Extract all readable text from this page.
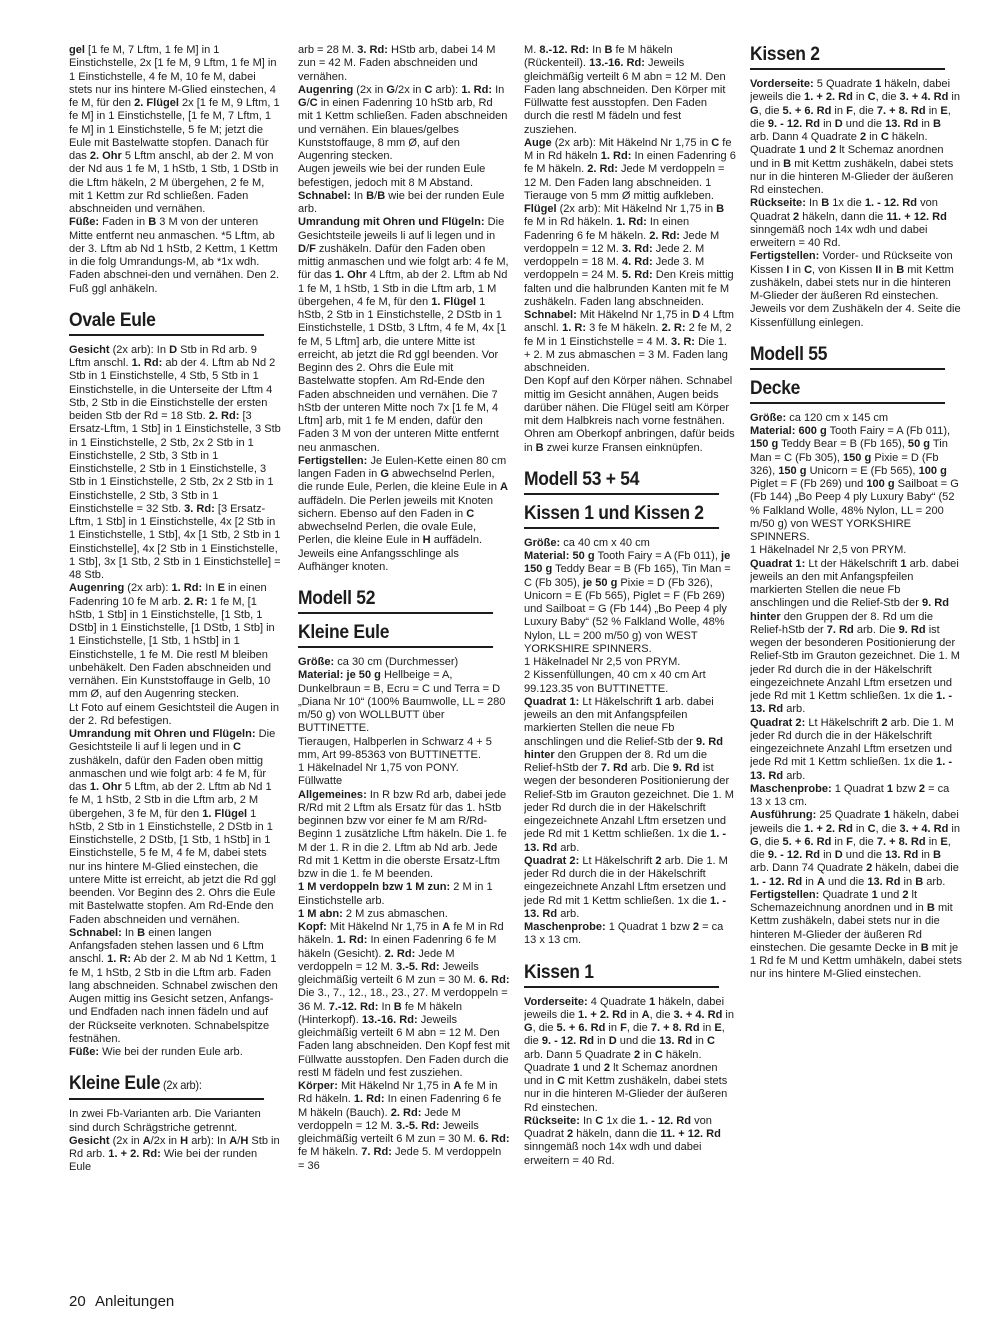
gel [1 fe M, 7 Lftm, 1 fe M] in 1 Einstichstelle, 2x [1 fe M, 9 Lftm, 1 fe M] in 1 Einstichstelle, 4 fe M, 10 fe M, dabei stets nur ins hintere M-Glied einstechen, 4 fe M, für den 2. Flügel 2x [1 fe M, 9 Lftm, 1 fe M] in 1 Einstichstelle, [1 fe M, 7 Lftm, 1 fe M] in 1 Einstichstelle, 5 fe M; jetzt die Eule mit Bastelwatte stopfen. Danach für das 2. Ohr 5 Lftm anschl, ab der 2. M von der Nd aus 1 fe M, 1 hStb, 1 Stb, 1 DStb in die Lftm häkeln, 2 M übergehen, 2 fe M, mit 1 Kettm zur Rd schließen. Faden abschneiden und vernähen.

Füße: Faden in B 3 M von der unteren Mitte entfernt neu anmaschen. *5 Lftm, ab der 3. Lftm ab Nd 1 hStb, 2 Kettm, 1 Kettm in die folg Umrandungs-M, ab *1x wdh. Faden abschnei-den und vernähen. Den 2. Fuß ggl anhäkeln.

Ovale Eule

Gesicht (2x arb): In D Stb in Rd arb. 9 Lftm anschl. 1. Rd: ab der 4. Lftm ab Nd 2 Stb in 1 Einstichstelle, 4 Stb, 5 Stb in 1 Einstichstelle, in die Unterseite der Lftm 4 Stb, 2 Stb in die Einstichstelle der ersten beiden Stb der Rd = 18 Stb. 2. Rd: [3 Ersatz-Lftm, 1 Stb] in 1 Einstichstelle, 3 Stb in 1 Einstichstelle, 2 Stb, 2x 2 Stb in 1 Einstichstelle, 2 Stb, 3 Stb in 1 Einstichstelle, 2 Stb in 1 Einstichstelle, 3 Stb in 1 Einstichstelle, 2 Stb, 2x 2 Stb in 1 Einstichstelle, 2 Stb, 3 Stb in 1 Einstichstelle = 32 Stb. 3. Rd: [3 Ersatz-Lftm, 1 Stb] in 1 Einstichstelle, 4x [2 Stb in 1 Einstichstelle, 1 Stb], 4x [1 Stb, 2 Stb in 1 Einstichstelle], 4x [2 Stb in 1 Einstichstelle, 1 Stb], 3x [1 Stb, 2 Stb in 1 Einstichstelle] = 48 Stb.

Augenring (2x arb): 1. Rd: In E in einen Fadenring 10 fe M arb. 2. R: 1 fe M, [1 hStb, 1 Stb] in 1 Einstichstelle, [1 Stb, 1 DStb] in 1 Einstichstelle, [1 DStb, 1 Stb] in 1 Einstichstelle, [1 Stb, 1 hStb] in 1 Einstichstelle, 1 fe M. Die restl M bleiben unbehäkelt. Den Faden abschneiden und vernähen. Ein Kunststoffauge in Gelb, 10 mm Ø, auf den Augenring stecken.

Lt Foto auf einem Gesichtsteil die Augen in der 2. Rd befestigen.

Umrandung mit Ohren und Flügeln: Die Gesichtsteile li auf li legen und in C zushäkeln, dafür den Faden oben mittig anmaschen und wie folgt arb: 4 fe M, für das 1. Ohr 5 Lftm, ab der 2. Lftm ab Nd 1 fe M, 1 hStb, 2 Stb in die Lftm arb, 2 M übergehen, 3 fe M, für den 1. Flügel 1 hStb, 2 Stb in 1 Einstichstelle, 2 DStb in 1 Einstichstelle, 2 DStb, [1 Stb, 1 hStb] in 1 Einstichstelle, 5 fe M, 4 fe M, dabei stets nur ins hintere M-Glied einstechen, die untere Mitte ist erreicht, ab jetzt die Rd ggl beenden. Vor Beginn des 2. Ohrs die Eule mit Bastelwatte stopfen. Am Rd-Ende den Faden abschneiden und vernähen.

Schnabel: In B einen langen Anfangsfaden stehen lassen und 6 Lftm anschl. 1. R: Ab der 2. M ab Nd 1 Kettm, 1 fe M, 1 hStb, 2 Stb in die Lftm arb. Faden lang abschneiden. Schnabel zwischen den Augen mittig ins Gesicht setzen, Anfangs- und Endfaden nach innen fädeln und auf der Rückseite verknoten. Schnabelspitze festnähen.

Füße: Wie bei der runden Eule arb.

Kleine Eule (2x arb):

In zwei Fb-Varianten arb. Die Varianten sind durch Schrägstriche getrennt.

Gesicht (2x in A/2x in H arb): In A/H Stb in Rd arb. 1. + 2. Rd: Wie bei der runden Eule

arb = 28 M. 3. Rd: HStb arb, dabei 14 M zun = 42 M. Faden abschneiden und vernähen.

Augenring (2x in G/2x in C arb): 1. Rd: In G/C in einen Fadenring 10 hStb arb, Rd mit 1 Kettm schließen. Faden abschneiden und vernähen. Ein blaues/gelbes Kunststoffauge, 8 mm Ø, auf den Augenring stecken.

Augen jeweils wie bei der runden Eule befestigen, jedoch mit 8 M Abstand.

Schnabel: In B/B wie bei der runden Eule arb.

Umrandung mit Ohren und Flügeln: Die Gesichtsteile jeweils li auf li legen und in D/F zushäkeln. Dafür den Faden oben mittig anmaschen und wie folgt arb: 4 fe M, für das 1. Ohr 4 Lftm, ab der 2. Lftm ab Nd 1 fe M, 1 hStb, 1 Stb in die Lftm arb, 1 M übergehen, 4 fe M, für den 1. Flügel 1 hStb, 2 Stb in 1 Einstichstelle, 2 DStb in 1 Einstichstelle, 1 DStb, 3 Lftm, 4 fe M, 4x [1 fe M, 5 Lftm] arb, die untere Mitte ist erreicht, ab jetzt die Rd ggl beenden. Vor Beginn des 2. Ohrs die Eule mit Bastelwatte stopfen. Am Rd-Ende den Faden abschneiden und vernähen. Die 7 hStb der unteren Mitte noch 7x [1 fe M, 4 Lftm] arb, mit 1 fe M enden, dafür den Faden 3 M von der unteren Mitte entfernt neu anmaschen.

Fertigstellen: Je Eulen-Kette einen 80 cm langen Faden in G abwechselnd Perlen, die runde Eule, Perlen, die kleine Eule in A auffädeln. Die Perlen jeweils mit Knoten sichern. Ebenso auf den Faden in C abwechselnd Perlen, die ovale Eule, Perlen, die kleine Eule in H auffädeln. Jeweils eine Anfangsschlinge als Aufhänger knoten.

Modell 52
Kleine Eule

Größe: ca 30 cm (Durchmesser)

Material: je 50 g Hellbeige = A, Dunkelbraun = B, Ecru = C und Terra = D „Diana Nr 10“ (100% Baumwolle, LL = 280 m/50 g) von WOLLBUTT über BUTTINETTE.

Tieraugen, Halbperlen in Schwarz 4 + 5 mm, Art 99-85363 von BUTTINETTE.

1 Häkelnadel Nr 1,75 von PONY.

Füllwatte

Allgemeines: In R bzw Rd arb, dabei jede R/Rd mit 2 Lftm als Ersatz für das 1. hStb beginnen bzw vor einer fe M am R/Rd-Beginn 1 zusätzliche Lftm häkeln. Die 1. fe M der 1. R in die 2. Lftm ab Nd arb. Jede Rd mit 1 Kettm in die oberste Ersatz-Lftm bzw in die 1. fe M beenden.

1 M verdoppeln bzw 1 M zun: 2 M in 1 Einstichstelle arb.

1 M abn: 2 M zus abmaschen.

Kopf: Mit Häkelnd Nr 1,75 in A fe M in Rd häkeln. 1. Rd: In einen Fadenring 6 fe M häkeln (Gesicht). 2. Rd: Jede M verdoppeln = 12 M. 3.-5. Rd: Jeweils gleichmäßig verteilt 6 M zun = 30 M. 6. Rd: Die 3., 7., 12., 18., 23., 27. M verdoppeln = 36 M. 7.-12. Rd: In B fe M häkeln (Hinterkopf). 13.-16. Rd: Jeweils gleichmäßig verteilt 6 M abn = 12 M. Den Faden lang abschneiden. Den Kopf fest mit Füllwatte ausstopfen. Den Faden durch die restl M fädeln und fest zusziehen.

Körper: Mit Häkelnd Nr 1,75 in A fe M in Rd häkeln. 1. Rd: In einen Fadenring 6 fe M häkeln (Bauch). 2. Rd: Jede M verdoppeln = 12 M. 3.-5. Rd: Jeweils gleichmäßig verteilt 6 M zun = 30 M. 6. Rd: fe M häkeln. 7. Rd: Jede 5. M verdoppeln = 36

M. 8.-12. Rd: In B fe M häkeln (Rückenteil). 13.-16. Rd: Jeweils gleichmäßig verteilt 6 M abn = 12 M. Den Faden lang abschneiden. Den Körper mit Füllwatte fest ausstopfen. Den Faden durch die restl M fädeln und fest zusziehen.

Auge (2x arb): Mit Häkelnd Nr 1,75 in C fe M in Rd häkeln 1. Rd: In einen Fadenring 6 fe M häkeln. 2. Rd: Jede M verdoppeln = 12 M. Den Faden lang abschneiden. 1 Tierauge von 5 mm Ø mittig aufkleben.

Flügel (2x arb): Mit Häkelnd Nr 1,75 in B fe M in Rd häkeln. 1. Rd: In einen Fadenring 6 fe M häkeln. 2. Rd: Jede M verdoppeln = 12 M. 3. Rd: Jede 2. M verdoppeln = 18 M. 4. Rd: Jede 3. M verdoppeln = 24 M. 5. Rd: Den Kreis mittig falten und die halbrunden Kanten mit fe M zushäkeln. Faden lang abschneiden.

Schnabel: Mit Häkelnd Nr 1,75 in D 4 Lftm anschl. 1. R: 3 fe M häkeln. 2. R: 2 fe M, 2 fe M in 1 Einstichstelle = 4 M. 3. R: Die 1. + 2. M zus abmaschen = 3 M. Faden lang abschneiden.

Den Kopf auf den Körper nähen. Schnabel mittig im Gesicht annähen, Augen beids darüber nähen. Die Flügel seitl am Körper mit dem Halbkreis nach vorne festnähen. Ohren am Oberkopf anbringen, dafür beids in B zwei kurze Fransen einknüpfen.

Modell 53 + 54
Kissen 1 und Kissen 2

Größe: ca 40 cm x 40 cm

Material: 50 g Tooth Fairy = A (Fb 011), je 150 g Teddy Bear = B (Fb 165), Tin Man = C (Fb 305), je 50 g Pixie = D (Fb 326), Unicorn = E (Fb 565), Piglet = F (Fb 269) und Sailboat = G (Fb 144) „Bo Peep 4 ply Luxury Baby“ (52 % Falkland Wolle, 48% Nylon, LL = 200 m/50 g) von WEST YORKSHIRE SPINNERS.

1 Häkelnadel Nr 2,5 von PRYM.

2 Kissenfüllungen, 40 cm x 40 cm Art 99.123.35 von BUTTINETTE.

Quadrat 1: Lt Häkelschrift 1 arb. dabei jeweils an den mit Anfangspfeilen markierten Stellen die neue Fb anschlingen und die Relief-Stb der 9. Rd hinter den Gruppen der 8. Rd um die Relief-hStb der 7. Rd arb. Die 9. Rd ist wegen der besonderen Positionierung der Relief-Stb im Grauton gezeichnet. Die 1. M jeder Rd durch die in der Häkelschrift eingezeichnete Anzahl Lftm ersetzen und jede Rd mit 1 Kettm schließen. 1x die 1. - 13. Rd arb.

Quadrat 2: Lt Häkelschrift 2 arb. Die 1. M jeder Rd durch die in der Häkelschrift eingezeichnete Anzahl Lftm ersetzen und jede Rd mit 1 Kettm schließen. 1x die 1. - 13. Rd arb.

Maschenprobe: 1 Quadrat 1 bzw 2 = ca 13 x 13 cm.

Kissen 1

Vorderseite: 4 Quadrate 1 häkeln, dabei jeweils die 1. + 2. Rd in A, die 3. + 4. Rd in G, die 5. + 6. Rd in F, die 7. + 8. Rd in E, die 9. - 12. Rd in D und die 13. Rd in C arb. Dann 5 Quadrate 2 in C häkeln. Quadrate 1 und 2 lt Schemaz anordnen und in C mit Kettm zushäkeln, dabei stets nur in die hinteren M-Glieder der äußeren Rd einstechen.

Rückseite: In C 1x die 1. - 12. Rd von Quadrat 2 häkeln, dann die 11. + 12. Rd sinngemäß noch 14x wdh und dabei erweitern = 40 Rd.

Kissen 2

Vorderseite: 5 Quadrate 1 häkeln, dabei jeweils die 1. + 2. Rd in C, die 3. + 4. Rd in G, die 5. + 6. Rd in F, die 7. + 8. Rd in E, die 9. - 12. Rd in D und die 13. Rd in B arb. Dann 4 Quadrate 2 in C häkeln. Quadrate 1 und 2 lt Schemaz anordnen und in B mit Kettm zushäkeln, dabei stets nur in die hinteren M-Glieder der äußeren Rd einstechen.

Rückseite: In B 1x die 1. - 12. Rd von Quadrat 2 häkeln, dann die 11. + 12. Rd sinngemäß noch 14x wdh und dabei erweitern = 40 Rd.

Fertigstellen: Vorder- und Rückseite von Kissen I in C, von Kissen II in B mit Kettm zushäkeln, dabei stets nur in die hinteren M-Glieder der äußeren Rd einstechen. Jeweils vor dem Zushäkeln der 4. Seite die Kissenfüllung einlegen.

Modell 55
Decke

Größe: ca 120 cm x 145 cm

Material: 600 g Tooth Fairy = A (Fb 011), 150 g Teddy Bear = B (Fb 165), 50 g Tin Man = C (Fb 305), 150 g Pixie = D (Fb 326), 150 g Unicorn = E (Fb 565), 100 g Piglet = F (Fb 269) und 100 g Sailboat = G (Fb 144) „Bo Peep 4 ply Luxury Baby“ (52 % Falkland Wolle, 48% Nylon, LL = 200 m/50 g) von WEST YORKSHIRE SPINNERS.

1 Häkelnadel Nr 2,5 von PRYM.

Quadrat 1: Lt der Häkelschrift 1 arb. dabei jeweils an den mit Anfangspfeilen markierten Stellen die neue Fb anschlingen und die Relief-Stb der 9. Rd hinter den Gruppen der 8. Rd um die Relief-hStb der 7. Rd arb. Die 9. Rd ist wegen der besonderen Positionierung der Relief-Stb im Grauton gezeichnet. Die 1. M jeder Rd durch die in der Häkelschrift eingezeichnete Anzahl Lftm ersetzen und jede Rd mit 1 Kettm schließen. 1x die 1. - 13. Rd arb.

Quadrat 2: Lt Häkelschrift 2 arb. Die 1. M jeder Rd durch die in der Häkelschrift eingezeichnete Anzahl Lftm ersetzen und jede Rd mit 1 Kettm schließen. 1x die 1. - 13. Rd arb.

Maschenprobe: 1 Quadrat 1 bzw 2 = ca 13 x 13 cm.

Ausführung: 25 Quadrate 1 häkeln, dabei jeweils die 1. + 2. Rd in C, die 3. + 4. Rd in G, die 5. + 6. Rd in F, die 7. + 8. Rd in E, die 9. - 12. Rd in D und die 13. Rd in B arb. Dann 74 Quadrate 2 häkeln, dabei die 1. - 12. Rd in A und die 13. Rd in B arb.

Fertigstellen: Quadrate 1 und 2 lt Schemazeichnung anordnen und in B mit Kettm zushäkeln, dabei stets nur in die hinteren M-Glieder der äußeren Rd einstechen. Die gesamte Decke in B mit je 1 Rd fe M und Kettm umhäkeln, dabei stets nur ins hintere M-Glied einstechen.

20 Anleitungen
